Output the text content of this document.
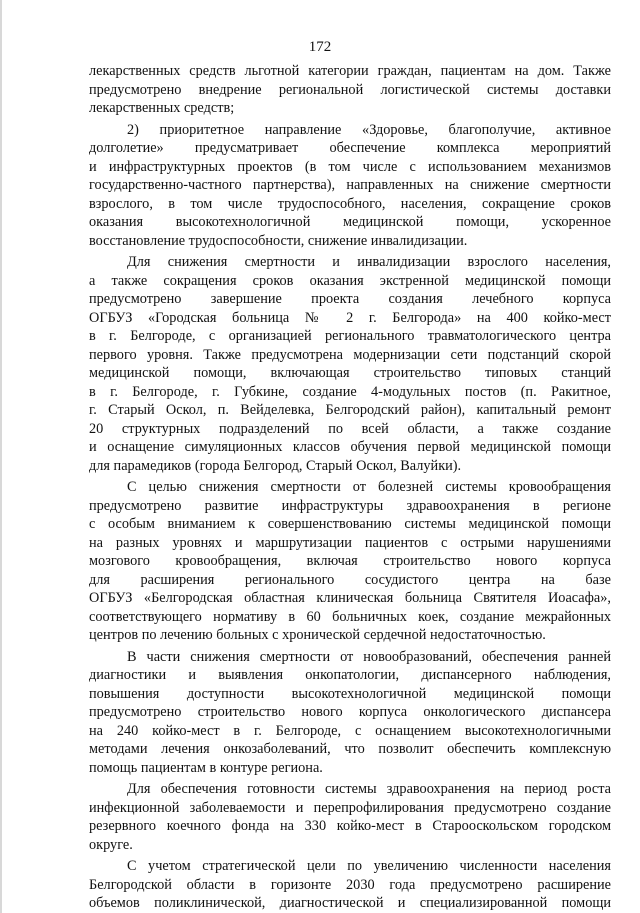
172
лекарственных средств льготной категории граждан, пациентам на дом. Также
предусмотрено внедрение региональной логистической системы доставки
лекарственных средств;
2) приоритетное направление «Здоровье, благополучие, активное
долголетие» предусматривает обеспечение комплекса мероприятий
и инфраструктурных проектов (в том числе с использованием механизмов
государственно-частного партнерства), направленных на снижение смертности
взрослого, в том числе трудоспособного, населения, сокращение сроков
оказания высокотехнологичной медицинской помощи, ускоренное
восстановление трудоспособности, снижение инвалидизации.
Для снижения смертности и инвалидизации взрослого населения,
а также сокращения сроков оказания экстренной медицинской помощи
предусмотрено завершение проекта создания лечебного корпуса
ОГБУЗ «Городская больница № 2 г. Белгорода» на 400 койко-мест
в г. Белгороде, с организацией регионального травматологического центра
первого уровня. Также предусмотрена модернизации сети подстанций скорой
медицинской помощи, включающая строительство типовых станций
в г. Белгороде, г. Губкине, создание 4-модульных постов (п. Ракитное,
г. Старый Оскол, п. Вейделевка, Белгородский район), капитальный ремонт
20 структурных подразделений по всей области, а также создание
и оснащение симуляционных классов обучения первой медицинской помощи
для парамедиков (города Белгород, Старый Оскол, Валуйки).
С целью снижения смертности от болезней системы кровообращения
предусмотрено развитие инфраструктуры здравоохранения в регионе
с особым вниманием к совершенствованию системы медицинской помощи
на разных уровнях и маршрутизации пациентов с острыми нарушениями
мозгового кровообращения, включая строительство нового корпуса
для расширения регионального сосудистого центра на базе
ОГБУЗ «Белгородская областная клиническая больница Святителя Иоасафа»,
соответствующего нормативу в 60 больничных коек, создание межрайонных
центров по лечению больных с хронической сердечной недостаточностью.
В части снижения смертности от новообразований, обеспечения ранней
диагностики и выявления онкопатологии, диспансерного наблюдения,
повышения доступности высокотехнологичной медицинской помощи
предусмотрено строительство нового корпуса онкологического диспансера
на 240 койко-мест в г. Белгороде, с оснащением высокотехнологичными
методами лечения онкозаболеваний, что позволит обеспечить комплексную
помощь пациентам в контуре региона.
Для обеспечения готовности системы здравоохранения на период роста
инфекционной заболеваемости и перепрофилирования предусмотрено создание
резервного коечного фонда на 330 койко-мест в Старооскольском городском
округе.
С учетом стратегической цели по увеличению численности населения
Белгородской области в горизонте 2030 года предусмотрено расширение
объемов поликлинической, диагностической и специализированной помощи
